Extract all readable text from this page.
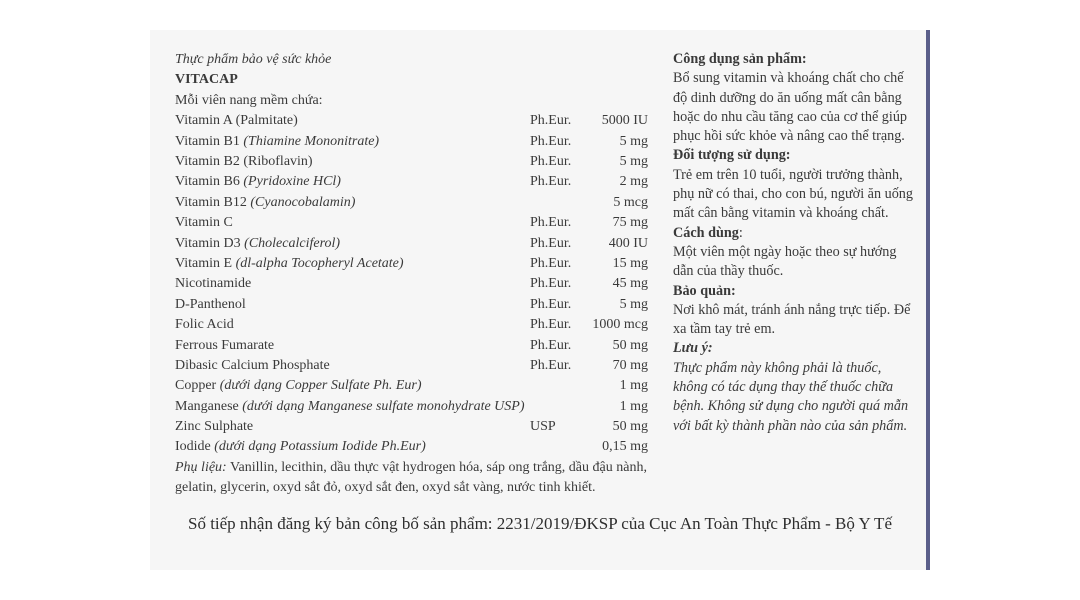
Thực phẩm bảo vệ sức khỏe
VITACAP
Mỗi viên nang mềm chứa:
Vitamin A (Palmitate)	Ph.Eur. 5000 IU
Vitamin B1 (Thiamine Mononitrate)	Ph.Eur.	5 mg
Vitamin B2 (Riboflavin)	Ph.Eur.	5 mg
Vitamin B6 (Pyridoxine HCl)	Ph.Eur.	2 mg
Vitamin B12 (Cyanocobalamin)	5 mcg
Vitamin C	Ph.Eur.	75 mg
Vitamin D3 (Cholecalciferol)	Ph.Eur.	400 IU
Vitamin E (dl-alpha Tocopheryl Acetate)	Ph.Eur.	15 mg
Nicotinamide	Ph.Eur.	45 mg
D-Panthenol	Ph.Eur.	5 mg
Folic Acid	Ph.Eur. 1000 mcg
Ferrous Fumarate	Ph.Eur.	50 mg
Dibasic Calcium Phosphate	Ph.Eur.	70 mg
Copper (dưới dạng Copper Sulfate Ph. Eur)	1 mg
Manganese (dưới dạng Manganese sulfate monohydrate USP)	1 mg
Zinc Sulphate	USP	50 mg
Iodide (dưới dạng Potassium Iodide Ph.Eur)	0,15 mg
Phụ liệu: Vanillin, lecithin, dầu thực vật hydrogen hóa, sáp ong trắng, dầu đậu nành, gelatin, glycerin, oxyd sắt đỏ, oxyd sắt đen, oxyd sắt vàng, nước tinh khiết.
Công dụng sản phẩm:
Bổ sung vitamin và khoáng chất cho chế độ dinh dưỡng do ăn uống mất cân bằng hoặc do nhu cầu tăng cao của cơ thể giúp phục hồi sức khỏe và nâng cao thể trạng.
Đối tượng sử dụng:
Trẻ em trên 10 tuổi, người trưởng thành, phụ nữ có thai, cho con bú, người ăn uống mất cân bằng vitamin và khoáng chất.
Cách dùng:
Một viên một ngày hoặc theo sự hướng dẫn của thầy thuốc.
Bảo quản:
Nơi khô mát, tránh ánh nắng trực tiếp. Để xa tầm tay trẻ em.
Lưu ý:
Thực phẩm này không phải là thuốc, không có tác dụng thay thế thuốc chữa bệnh. Không sử dụng cho người quá mẫn với bất kỳ thành phần nào của sản phẩm.
Số tiếp nhận đăng ký bản công bố sản phẩm: 2231/2019/ĐKSP của Cục An Toàn Thực Phẩm - Bộ Y Tế
